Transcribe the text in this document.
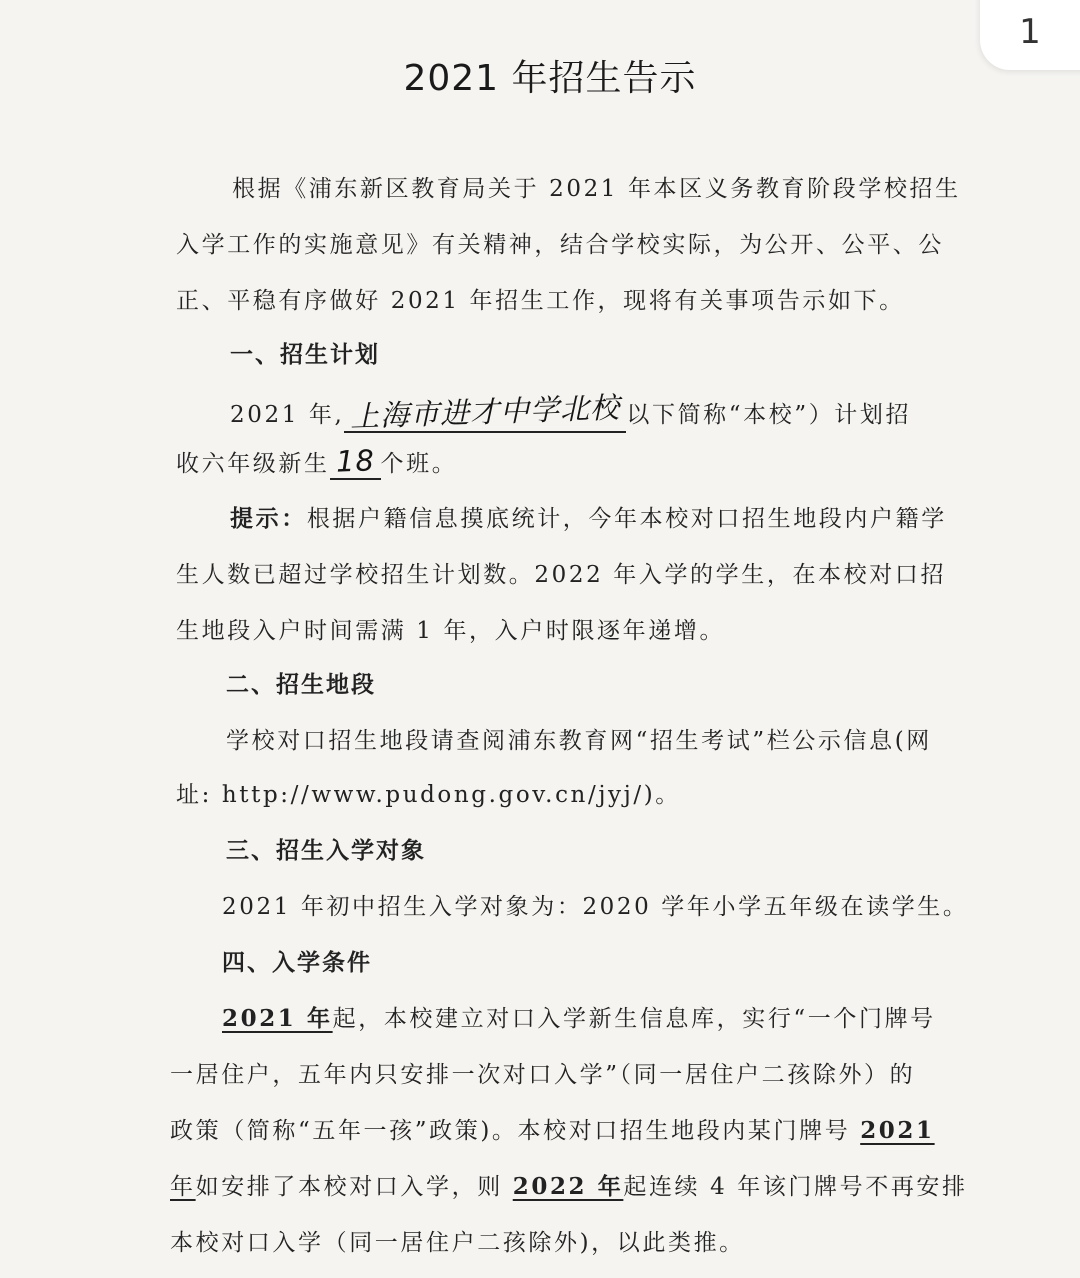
1
2021 年招生告示
根据《浦东新区教育局关于 2021 年本区义务教育阶段学校招生
入学工作的实施意见》有关精神，结合学校实际，为公开、公平、公
正、平稳有序做好 2021 年招生工作，现将有关事项告示如下。
一、招生计划
2021 年, 上海市进才中学北校 以下简称“本校”）计划招
收六年级新生 18 个班。
提示：根据户籍信息摸底统计，今年本校对口招生地段内户籍学
生人数已超过学校招生计划数。2022 年入学的学生，在本校对口招
生地段入户时间需满 1 年，入户时限逐年递增。
二、招生地段
学校对口招生地段请查阅浦东教育网“招生考试”栏公示信息(网
址: http://www.pudong.gov.cn/jyj/)。
三、招生入学对象
2021 年初中招生入学对象为：2020 学年小学五年级在读学生。
四、入学条件
2021 年起，本校建立对口入学新生信息库，实行“一个门牌号
一居住户，五年内只安排一次对口入学”（同一居住户二孩除外）的
政策（简称“五年一孩”政策)。本校对口招生地段内某门牌号 2021
年如安排了本校对口入学，则 2022 年起连续 4 年该门牌号不再安排
本校对口入学（同一居住户二孩除外)，以此类推。
